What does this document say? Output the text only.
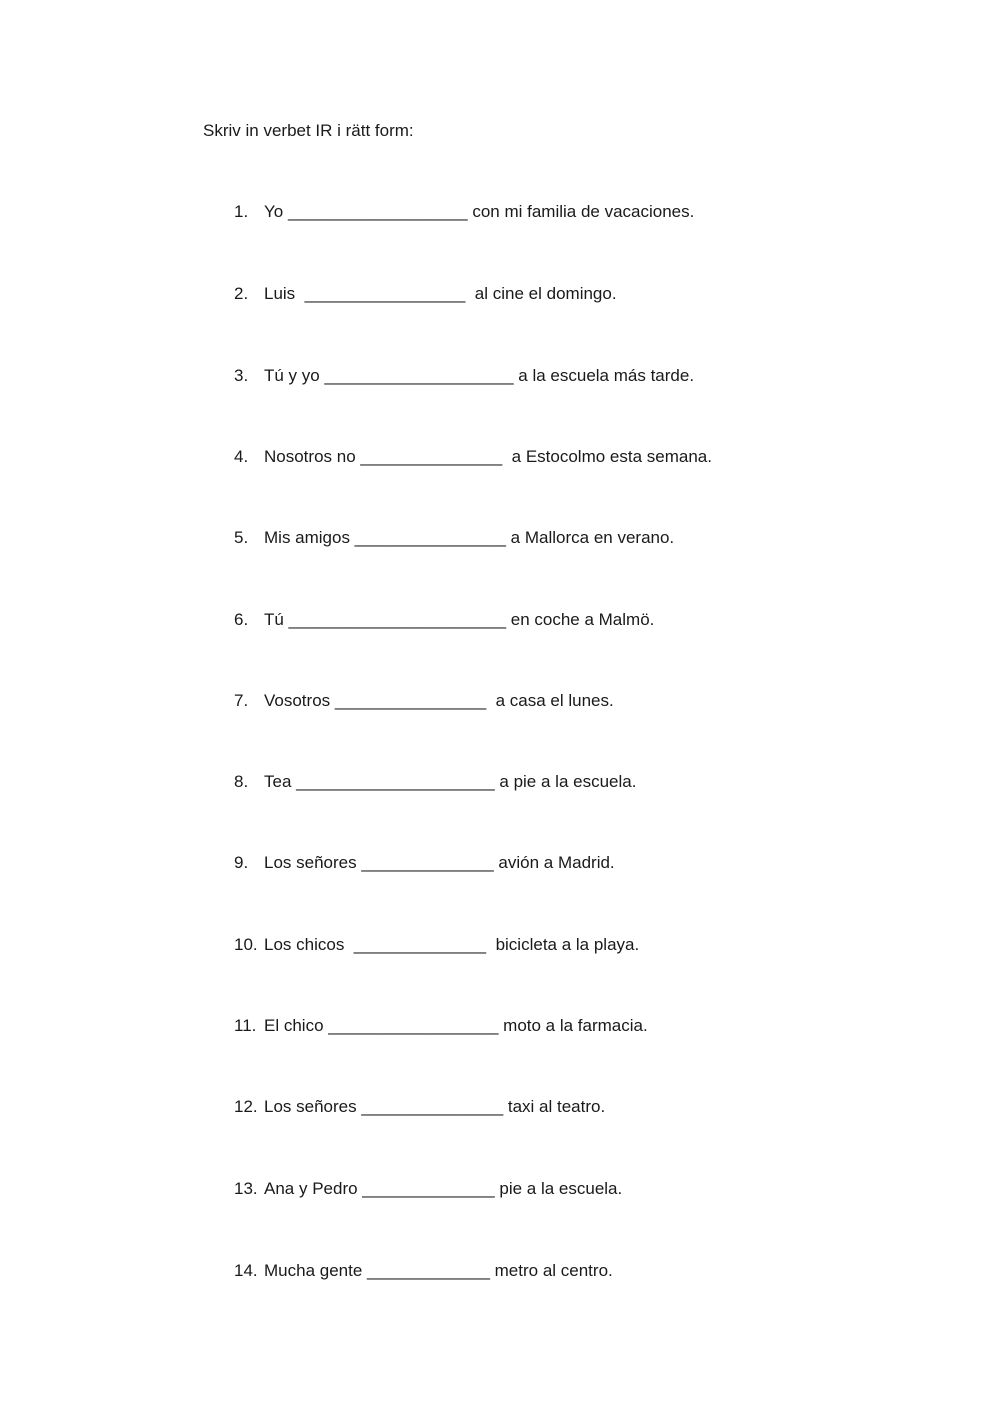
Skriv in verbet IR i rätt form:
1. Yo ___________________ con mi familia de vacaciones.
2. Luis  _________________  al cine el domingo.
3. Tú y yo ____________________ a la escuela más tarde.
4. Nosotros no _______________  a Estocolmo esta semana.
5. Mis amigos ________________ a Mallorca en verano.
6. Tú _______________________ en coche a Malmö.
7. Vosotros ________________  a casa el lunes.
8. Tea _____________________ a pie a la escuela.
9. Los señores ______________ avión a Madrid.
10. Los chicos  ______________  bicicleta a la playa.
11. El chico __________________ moto a la farmacia.
12. Los señores _______________ taxi al teatro.
13. Ana y Pedro ______________ pie a la escuela.
14. Mucha gente _____________ metro al centro.
